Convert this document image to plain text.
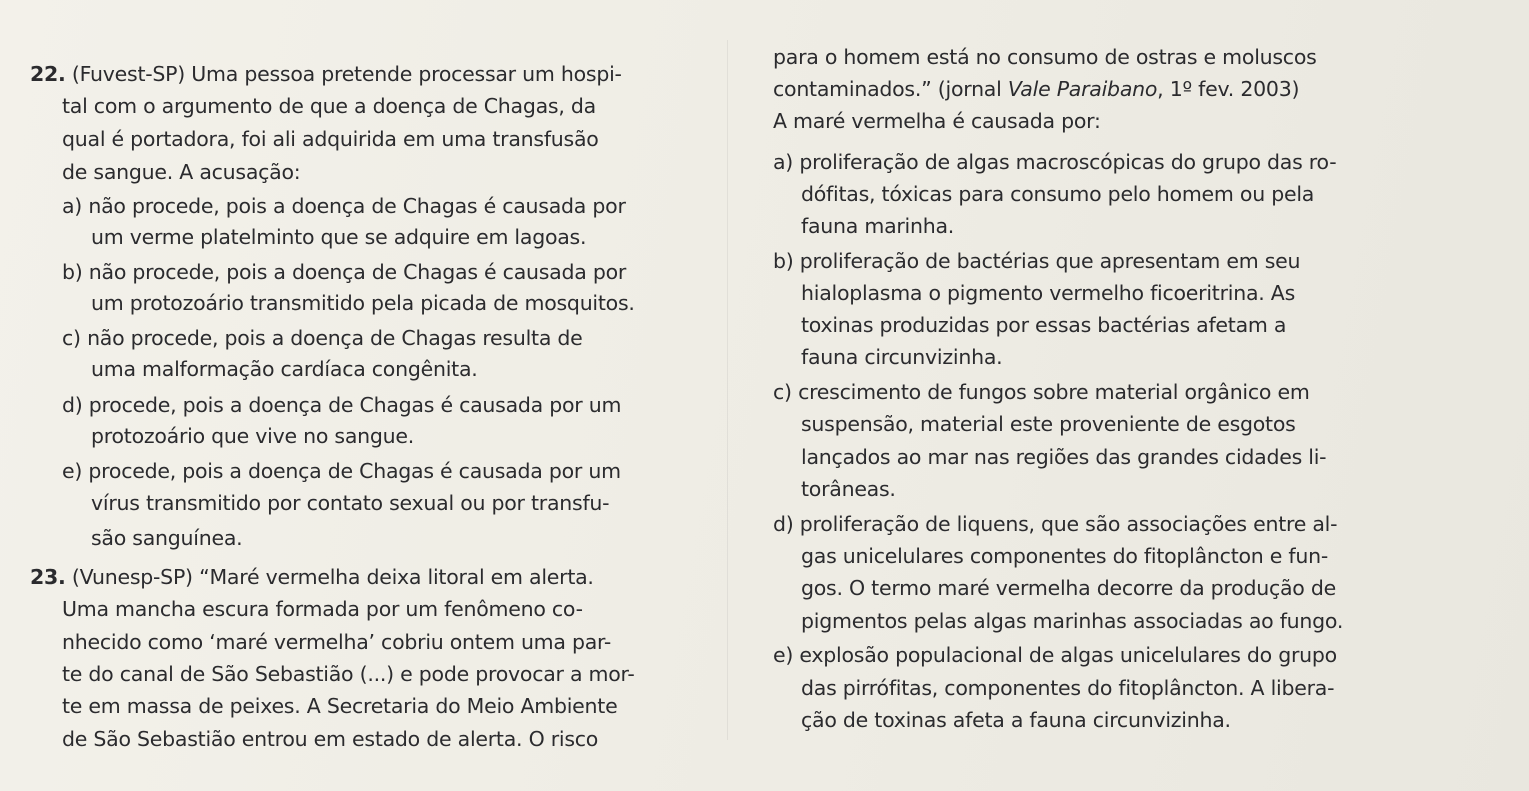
22. (Fuvest-SP) Uma pessoa pretende processar um hospi-
tal com o argumento de que a doença de Chagas, da
qual é portadora, foi ali adquirida em uma transfusão
de sangue. A acusação:
a) não procede, pois a doença de Chagas é causada por
um verme platelminto que se adquire em lagoas.
b) não procede, pois a doença de Chagas é causada por
um protozoário transmitido pela picada de mosquitos.
c) não procede, pois a doença de Chagas resulta de
uma malformação cardíaca congênita.
d) procede, pois a doença de Chagas é causada por um
protozoário que vive no sangue.
e) procede, pois a doença de Chagas é causada por um
vírus transmitido por contato sexual ou por transfu-
são sanguínea.
23. (Vunesp-SP) “Maré vermelha deixa litoral em alerta.
Uma mancha escura formada por um fenômeno co-
nhecido como ‘maré vermelha’ cobriu ontem uma par-
te do canal de São Sebastião (...) e pode provocar a mor-
te em massa de peixes. A Secretaria do Meio Ambiente
de São Sebastião entrou em estado de alerta. O risco
para o homem está no consumo de ostras e moluscos
contaminados.” (jornal Vale Paraibano, 1º fev. 2003)
A maré vermelha é causada por:
a) proliferação de algas macroscópicas do grupo das ro-
dófitas, tóxicas para consumo pelo homem ou pela
fauna marinha.
b) proliferação de bactérias que apresentam em seu
hialoplasma o pigmento vermelho ficoeritrina. As
toxinas produzidas por essas bactérias afetam a
fauna circunvizinha.
c) crescimento de fungos sobre material orgânico em
suspensão, material este proveniente de esgotos
lançados ao mar nas regiões das grandes cidades li-
torâneas.
d) proliferação de liquens, que são associações entre al-
gas unicelulares componentes do fitoplâncton e fun-
gos. O termo maré vermelha decorre da produção de
pigmentos pelas algas marinhas associadas ao fungo.
e) explosão populacional de algas unicelulares do grupo
das pirrófitas, componentes do fitoplâncton. A libera-
ção de toxinas afeta a fauna circunvizinha.
